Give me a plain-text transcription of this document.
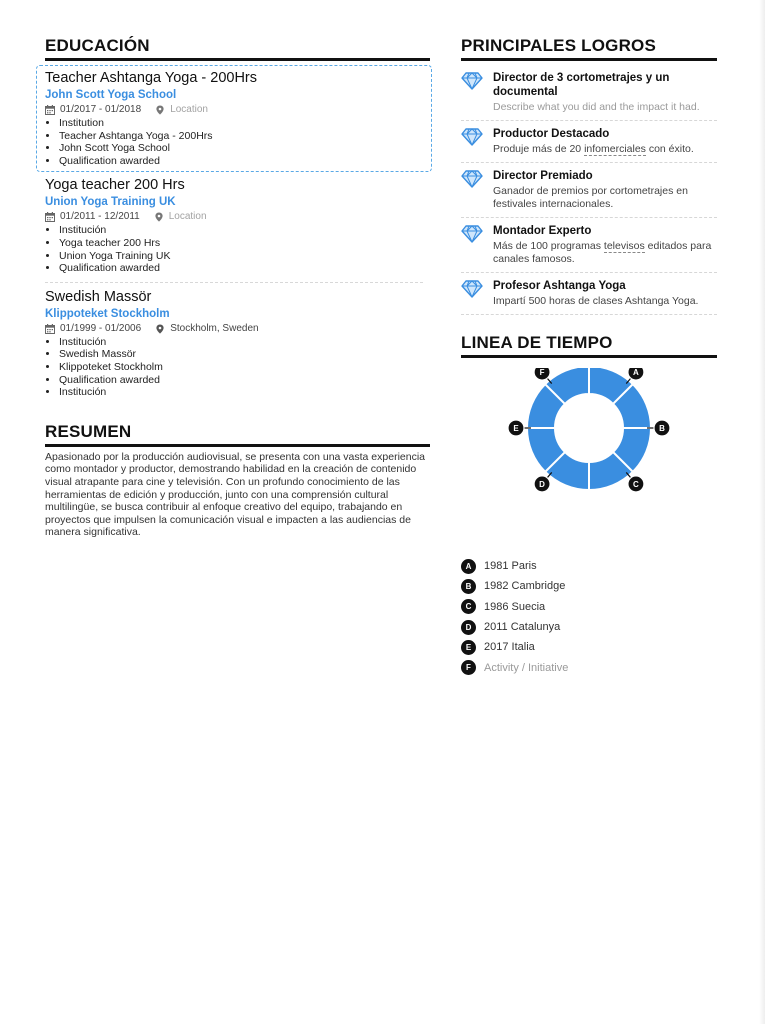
EDUCACIÓN
Teacher Ashtanga Yoga - 200Hrs
John Scott Yoga School
01/2017 - 01/2018	Location
• Institution
• Teacher Ashtanga Yoga - 200Hrs
• John Scott Yoga School
• Qualification awarded
Yoga teacher 200 Hrs
Union Yoga Training UK
01/2011 - 12/2011	Location
• Institución
• Yoga teacher 200 Hrs
• Union Yoga Training UK
• Qualification awarded
Swedish Massör
Klippoteket Stockholm
01/1999 - 01/2006	Stockholm, Sweden
• Institución
• Swedish Massör
• Klippoteket Stockholm
• Qualification awarded
• Institución
RESUMEN

Apasionado por la producción audiovisual, se presenta con una vasta experiencia como montador y productor, demostrando habilidad en la creación de contenido visual atrapante para cine y televisión. Con un profundo conocimiento de las herramientas de edición y producción, junto con una comprensión cultural multilingüe, se busca contribuir al enfoque creativo del equipo, trabajando en proyectos que impulsen la comunicación visual e impacten a las audiencias de manera significativa.

PRINCIPALES LOGROS
Director de 3 cortometrajes y un documental
Describe what you did and the impact it had.
Productor Destacado
Produje más de 20 infomerciales con éxito.
Director Premiado
Ganador de premios por cortometrajes en festivales internacionales.
Montador Experto
Más de 100 programas televisos editados para canales famosos.
Profesor Ashtanga Yoga
Impartí 500 horas de clases Ashtanga Yoga.
LINEA DE TIEMPO
A
B
C
D
E
F
A	1981 Paris
B	1982 Cambridge
C	1986 Suecia
D	2011 Catalunya
E	2017 Italia
F	Activity / Initiative
